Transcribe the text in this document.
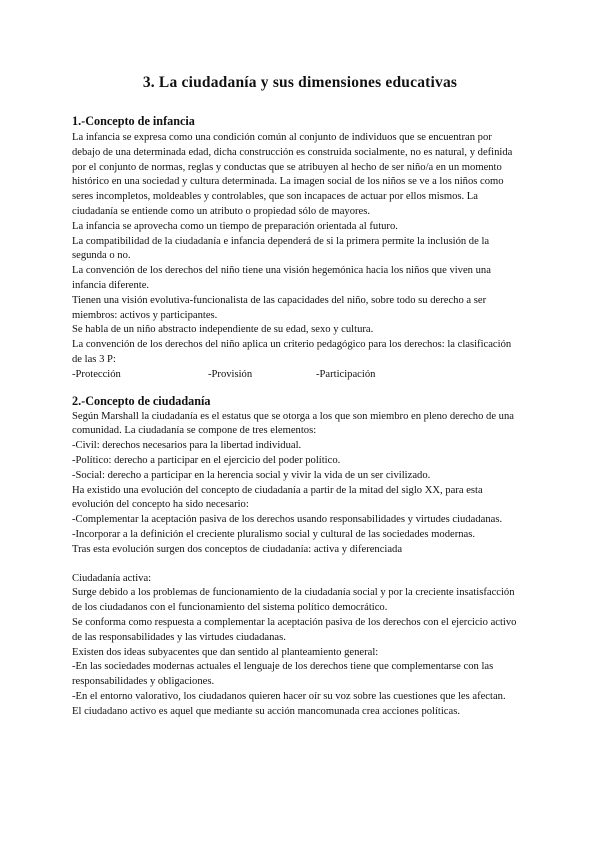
3. La ciudadanía y sus dimensiones educativas

1.-Concepto de infancia

La infancia se expresa como una condición común al conjunto de individuos que se encuentran por debajo de una determinada edad, dicha construcción es construida socialmente, no es natural, y definida por el conjunto de normas, reglas y conductas que se atribuyen al hecho de ser niño/a en un momento histórico en una sociedad y cultura determinada. La imagen social de los niños se ve a los niños como seres incompletos, moldeables y controlables, que son incapaces de actuar por ellos mismos. La ciudadanía se entiende como un atributo o propiedad sólo de mayores.

La infancia se aprovecha como un tiempo de preparación orientada al futuro.

La compatibilidad de la ciudadanía e infancia dependerá de si la primera permite la inclusión de la segunda o no.

La convención de los derechos del niño tiene una visión hegemónica hacia los niños que viven una infancia diferente.

Tienen una visión evolutiva-funcionalista de las capacidades del niño, sobre todo su derecho a ser miembros: activos y participantes.

Se habla de un niño abstracto independiente de su edad, sexo y cultura.

La convención de los derechos del niño aplica un criterio pedagógico para los derechos: la clasificación de las 3 P:

-Protección	-Provisión	-Participación

2.-Concepto de ciudadanía

Según Marshall la ciudadanía es el estatus que se otorga a los que son miembro en pleno derecho de una comunidad. La ciudadanía se compone de tres elementos:

-Civil: derechos necesarios para la libertad individual.

-Político: derecho a participar en el ejercicio del poder político.

-Social: derecho a participar en la herencia social y vivir la vida de un ser civilizado.

Ha existido una evolución del concepto de ciudadanía a partir de la mitad del siglo XX, para esta evolución del concepto ha sido necesario:

-Complementar la aceptación pasiva de los derechos usando responsabilidades y virtudes ciudadanas.

-Incorporar a la definición el creciente pluralismo social y cultural de las sociedades modernas.

Tras esta evolución surgen dos conceptos de ciudadanía: activa y diferenciada

Ciudadanía activa:

Surge debido a los problemas de funcionamiento de la ciudadanía social y por la creciente insatisfacción de los ciudadanos con el funcionamiento del sistema político democrático.

Se conforma como respuesta a complementar la aceptación pasiva de los derechos con el ejercicio activo de las responsabilidades y las virtudes ciudadanas.

Existen dos ideas subyacentes que dan sentido al planteamiento general:

-En las sociedades modernas actuales el lenguaje de los derechos tiene que complementarse con las responsabilidades y obligaciones.

-En el entorno valorativo, los ciudadanos quieren hacer oír su voz sobre las cuestiones que les afectan.

El ciudadano activo es aquel que mediante su acción mancomunada crea acciones políticas.
